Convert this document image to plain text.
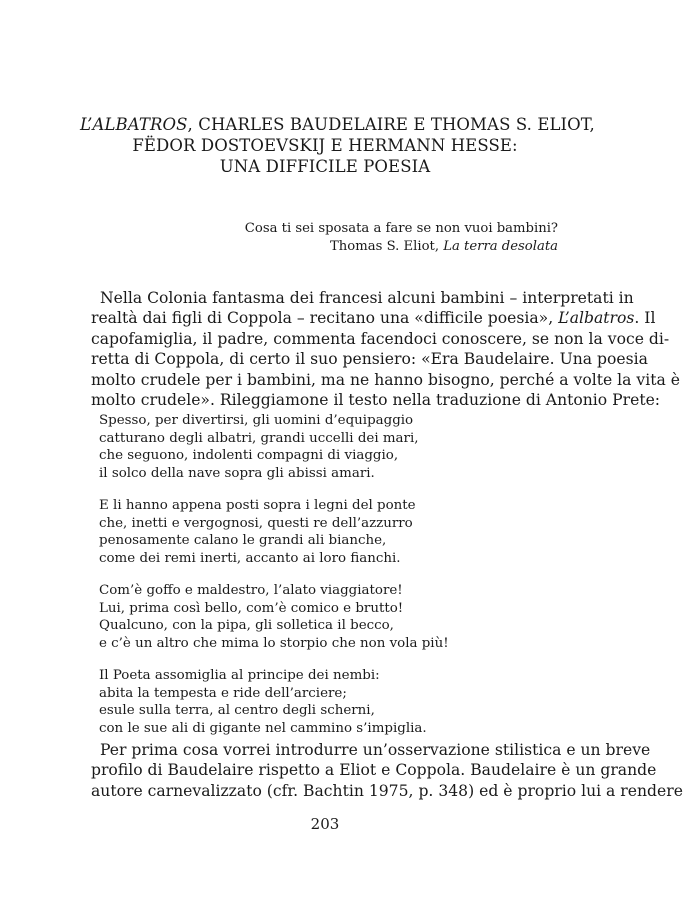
L’ALBATROS, CHARLES BAUDELAIRE E THOMAS S. ELIOT,
FËDOR DOSTOEVSKIJ E HERMANN HESSE:
UNA DIFFICILE POESIA
Cosa ti sei sposata a fare se non vuoi bambini?
Thomas S. Eliot, La terra desolata

Nella Colonia fantasma dei francesi alcuni bambini – interpretati in
realtà dai figli di Coppola – recitano una «difficile poesia», L’albatros. Il
capofamiglia, il padre, commenta facendoci conoscere, se non la voce di-
retta di Coppola, di certo il suo pensiero: «Era Baudelaire. Una poesia
molto crudele per i bambini, ma ne hanno bisogno, perché a volte la vita è
molto crudele». Rileggiamone il testo nella traduzione di Antonio Prete:

Spesso, per divertirsi, gli uomini d’equipaggio
catturano degli albatri, grandi uccelli dei mari,
che seguono, indolenti compagni di viaggio,
il solco della nave sopra gli abissi amari.
E li hanno appena posti sopra i legni del ponte
che, inetti e vergognosi, questi re dell’azzurro
penosamente calano le grandi ali bianche,
come dei remi inerti, accanto ai loro fianchi.
Com’è goffo e maldestro, l’alato viaggiatore!
Lui, prima così bello, com’è comico e brutto!
Qualcuno, con la pipa, gli solletica il becco,
e c’è un altro che mima lo storpio che non vola più!
Il Poeta assomiglia al principe dei nembi:
abita la tempesta e ride dell’arciere;
esule sulla terra, al centro degli scherni,
con le sue ali di gigante nel cammino s’impiglia.

Per prima cosa vorrei introdurre un’osservazione stilistica e un breve
profilo di Baudelaire rispetto a Eliot e Coppola. Baudelaire è un grande
autore carnevalizzato (cfr. Bachtin 1975, p. 348) ed è proprio lui a rendere

203
